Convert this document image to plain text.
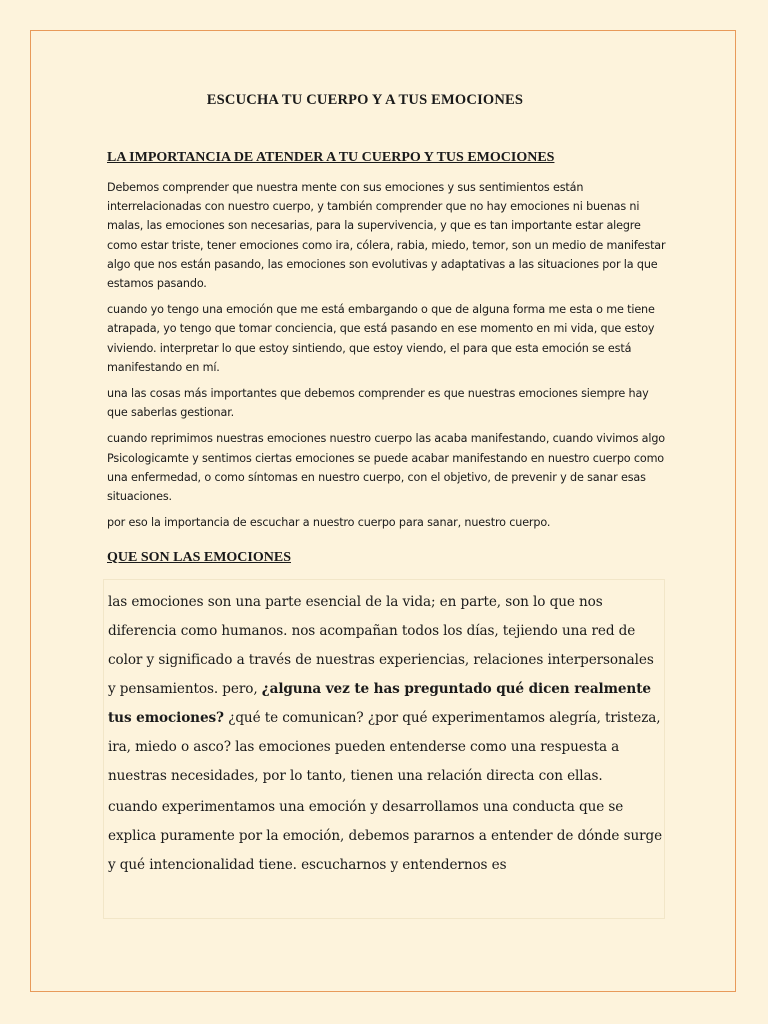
ESCUCHA TU CUERPO Y A TUS EMOCIONES
LA IMPORTANCIA DE ATENDER A TU CUERPO Y TUS EMOCIONES

Debemos comprender que nuestra mente con sus emociones y sus sentimientos están interrelacionadas con nuestro cuerpo, y también comprender que no hay emociones ni buenas ni malas, las emociones son necesarias, para la supervivencia, y que es tan importante estar alegre como estar triste, tener emociones como ira, cólera, rabia, miedo, temor, son un medio de manifestar algo que nos están pasando, las emociones son evolutivas y adaptativas a las situaciones por la que estamos pasando.

cuando yo tengo una emoción que me está embargando o que de alguna forma me esta o me tiene atrapada, yo tengo que tomar conciencia, que está pasando en ese momento en mi vida, que estoy viviendo. interpretar lo que estoy sintiendo, que estoy viendo, el para que esta emoción se está manifestando en mí.

una las cosas más importantes que debemos comprender es que nuestras emociones siempre hay que saberlas gestionar.

cuando reprimimos nuestras emociones nuestro cuerpo las acaba manifestando, cuando vivimos algo Psicologicamte y sentimos ciertas emociones se puede acabar manifestando en nuestro cuerpo como una enfermedad, o como síntomas en nuestro cuerpo, con el objetivo, de prevenir y de sanar esas situaciones.

por eso la importancia de escuchar a nuestro cuerpo para sanar, nuestro cuerpo.

QUE SON LAS EMOCIONES

las emociones son una parte esencial de la vida; en parte, son lo que nos diferencia como humanos. nos acompañan todos los días, tejiendo una red de color y significado a través de nuestras experiencias, relaciones interpersonales y pensamientos. pero, ¿alguna vez te has preguntado qué dicen realmente tus emociones? ¿qué te comunican? ¿por qué experimentamos alegría, tristeza, ira, miedo o asco? las emociones pueden entenderse como una respuesta a nuestras necesidades, por lo tanto, tienen una relación directa con ellas.

cuando experimentamos una emoción y desarrollamos una conducta que se explica puramente por la emoción, debemos pararnos a entender de dónde surge y qué intencionalidad tiene. escucharnos y entendernos es
